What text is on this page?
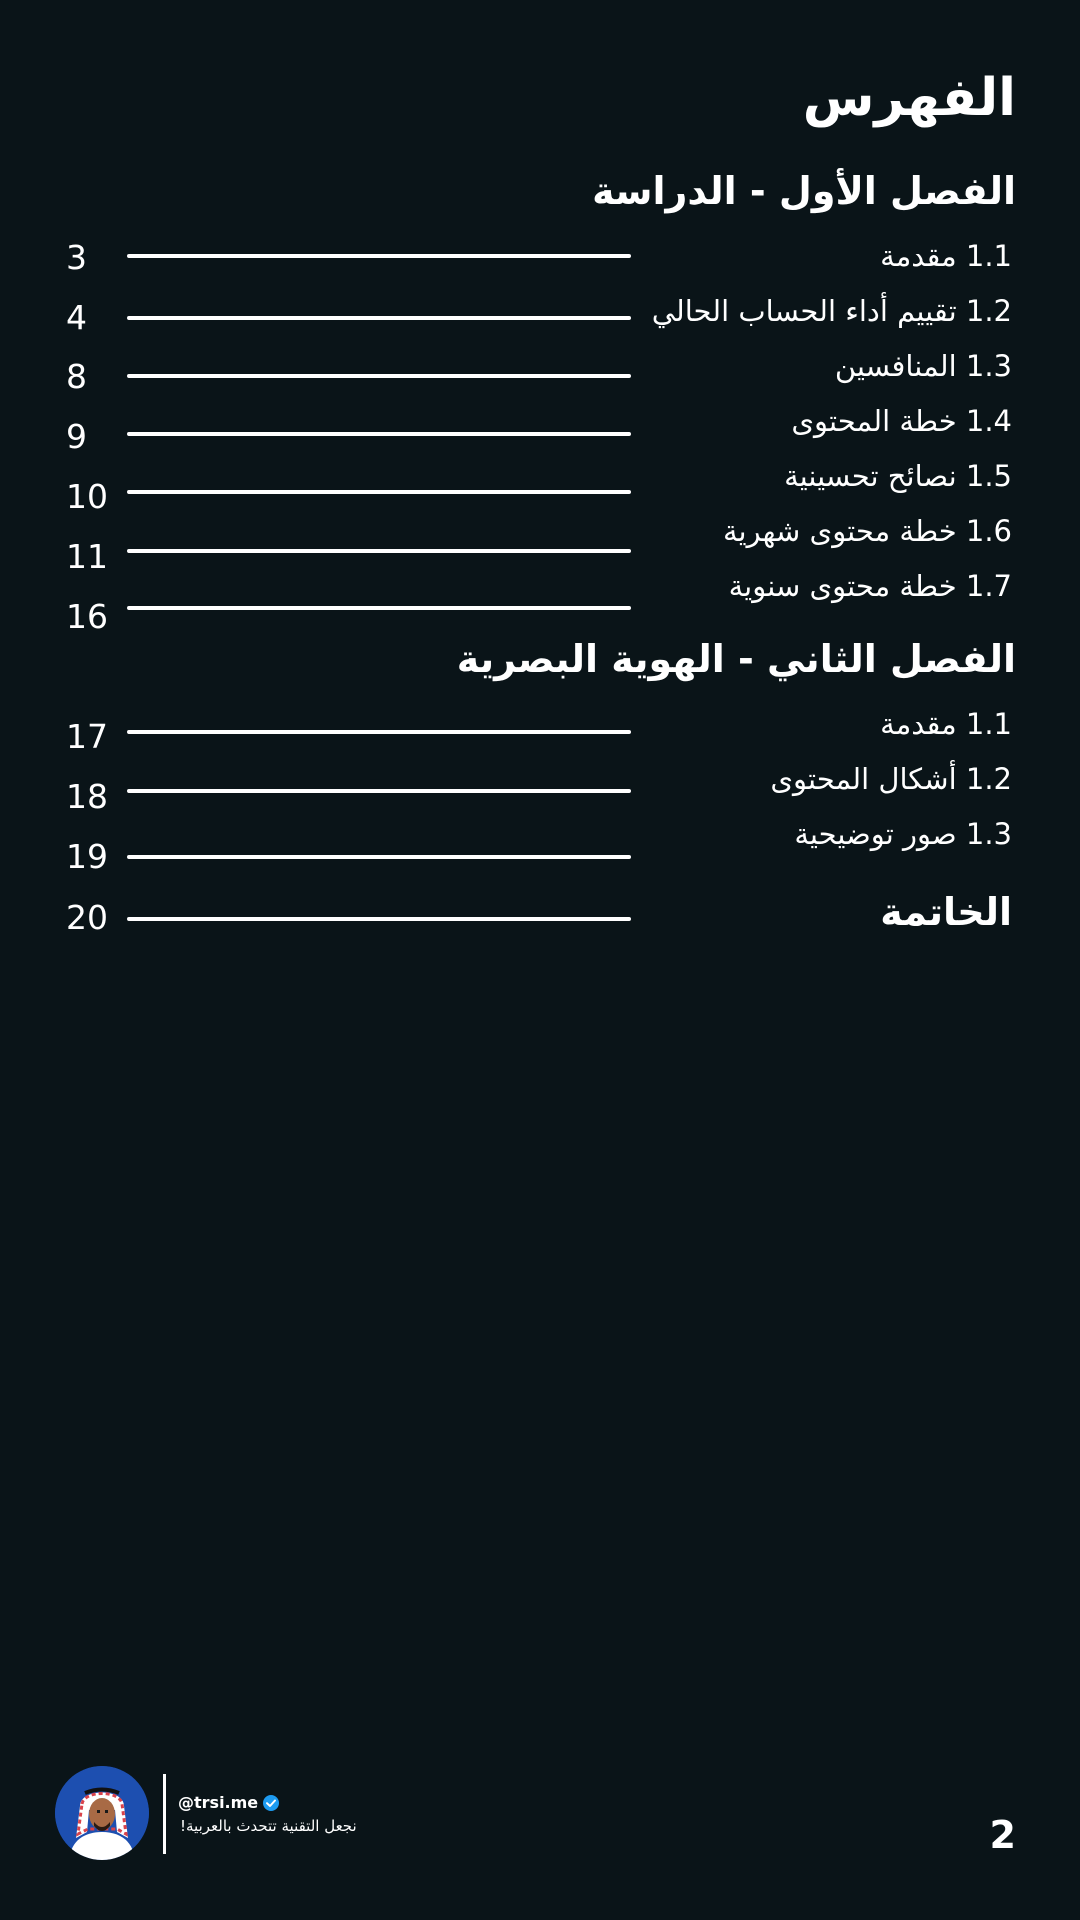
الفهرس
الفصل الأول - الدراسة
1.1 مقدمة
3
1.2 تقييم أداء الحساب الحالي
4
1.3 المنافسين
8
1.4 خطة المحتوى
9
1.5 نصائح تحسينية
10
1.6 خطة محتوى شهرية
11
1.7 خطة محتوى سنوية
16
الفصل الثاني - الهوية البصرية
1.1 مقدمة
17
1.2 أشكال المحتوى
18
1.3 صور توضيحية
19
الخاتمة
20
@trsi.me
نجعل التقنية تتحدث بالعربية!	2
